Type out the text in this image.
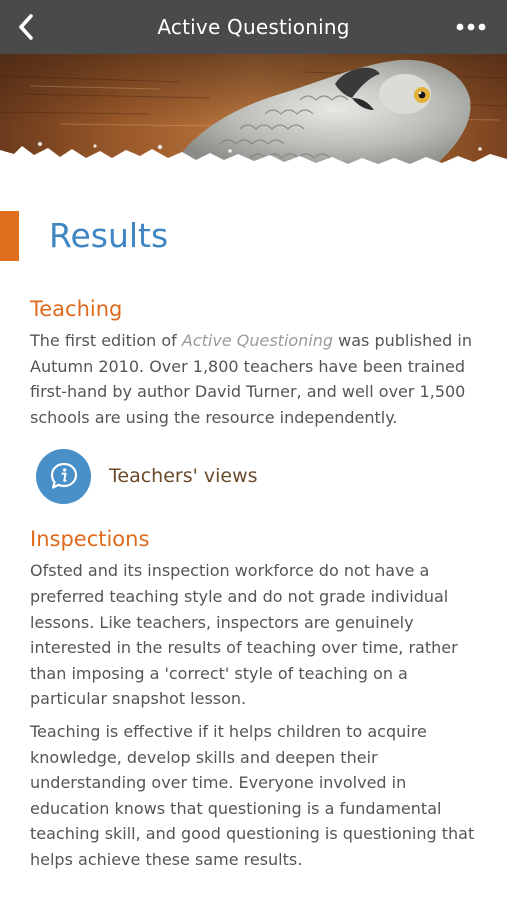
Active Questioning
Results
Teaching

The first edition of Active Questioning was published in Autumn 2010. Over 1,800 teachers have been trained first-hand by author David Turner, and well over 1,500 schools are using the resource independently.

Teachers' views
Inspections

Ofsted and its inspection workforce do not have a preferred teaching style and do not grade individual lessons. Like teachers, inspectors are genuinely interested in the results of teaching over time, rather than imposing a 'correct' style of teaching on a particular snapshot lesson.

Teaching is effective if it helps children to acquire knowledge, develop skills and deepen their understanding over time. Everyone involved in education knows that questioning is a fundamental teaching skill, and good questioning is questioning that helps achieve these same results.
